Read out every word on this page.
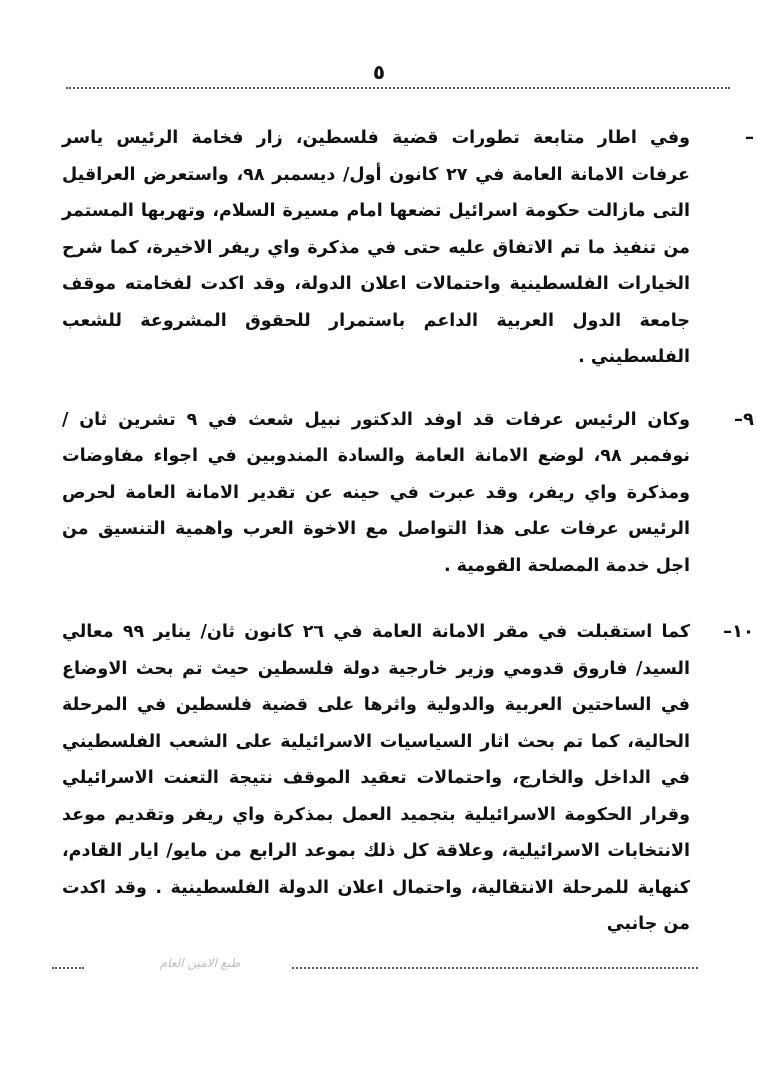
٥
–

وفي اطار متابعة تطورات قضية فلسطين، زار فخامة الرئيس ياسر عرفات الامانة العامة في ٢٧ كانون أول/ ديسمبر ٩٨، واستعرض العراقيل التى مازالت حكومة اسرائيل تضعها امام مسيرة السلام، وتهربها المستمر من تنفيذ ما تم الاتفاق عليه حتى في مذكرة واي ريفر الاخيرة، كما شرح الخيارات الفلسطينية واحتمالات اعلان الدولة، وقد اكدت لفخامته موقف جامعة الدول العربية الداعم باستمرار للحقوق المشروعة للشعب الفلسطيني .

٩–

وكان الرئيس عرفات قد اوفد الدكتور نبيل شعث في ٩ تشرين ثان / نوفمبر ٩٨، لوضع الامانة العامة والسادة المندوبين في اجواء مفاوضات ومذكرة واي ريفر، وقد عبرت في حينه عن تقدير الامانة العامة لحرص الرئيس عرفات على هذا التواصل مع الاخوة العرب واهمية التنسيق من اجل خدمة المصلحة القومية .

١٠–

كما استقبلت في مقر الامانة العامة في ٢٦ كانون ثان/ يناير ٩٩ معالي السيد/ فاروق قدومي وزير خارجية دولة فلسطين حيث تم بحث الاوضاع في الساحتين العربية والدولية واثرها على قضية فلسطين في المرحلة الحالية، كما تم بحث اثار السياسيات الاسرائيلية على الشعب الفلسطيني في الداخل والخارج، واحتمالات تعقيد الموقف نتيجة التعنت الاسرائيلي وقرار الحكومة الاسرائيلية بتجميد العمل بمذكرة واي ريفر وتقديم موعد الانتخابات الاسرائيلية، وعلاقة كل ذلك بموعد الرابع من مايو/ ايار القادم، كنهاية للمرحلة الانتقالية، واحتمال اعلان الدولة الفلسطينية . وقد اكدت من جانبي

طبع الامين العام
